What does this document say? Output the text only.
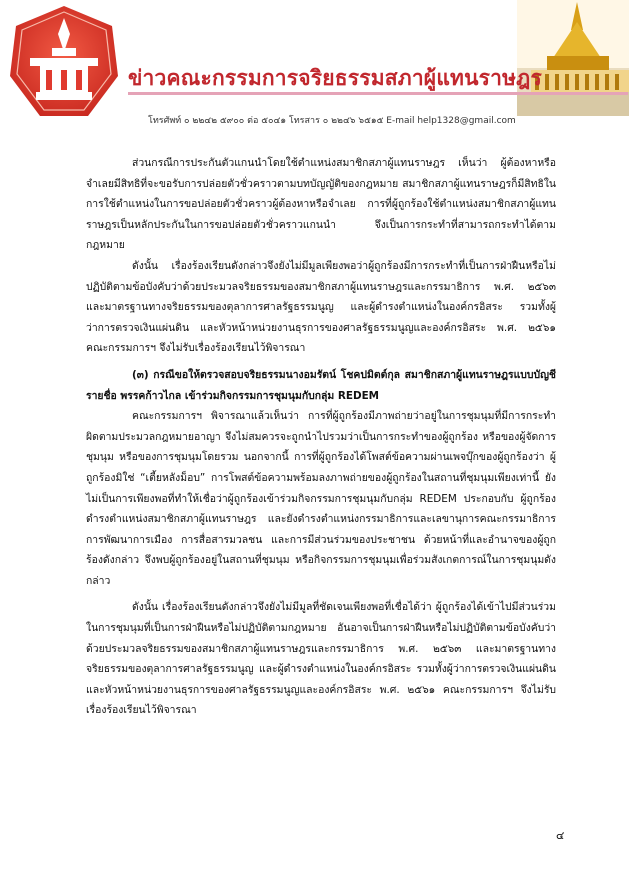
ข่าวคณะกรรมการจริยธรรมสภาผู้แทนราษฎร
โทรศัพท์ ๐ ๒๒๔๒ ๕๙๐๐ ต่อ ๕๐๔๑ โทรสาร ๐ ๒๒๔๖ ๖๕๑๕ E-mail help1328@gmail.com

ส่วนกรณีการประกันตัวแกนนำโดยใช้ตำแหน่งสมาชิกสภาผู้แทนราษฎร เห็นว่า ผู้ต้องหาหรือจำเลยมีสิทธิที่จะขอรับการปล่อยตัวชั่วคราวตามบทบัญญัติของกฎหมาย สมาชิกสภาผู้แทนราษฎรก็มีสิทธิในการใช้ตำแหน่งในการขอปล่อยตัวชั่วคราวผู้ต้องหาหรือจำเลย การที่ผู้ถูกร้องใช้ตำแหน่งสมาชิกสภาผู้แทนราษฎรเป็นหลักประกันในการขอปล่อยตัวชั่วคราวแกนนำ จึงเป็นการกระทำที่สามารถกระทำได้ตามกฎหมาย

ดังนั้น เรื่องร้องเรียนดังกล่าวจึงยังไม่มีมูลเพียงพอว่าผู้ถูกร้องมีการกระทำที่เป็นการฝ่าฝืนหรือไม่ปฏิบัติตามข้อบังคับว่าด้วยประมวลจริยธรรมของสมาชิกสภาผู้แทนราษฎรและกรรมาธิการ พ.ศ. ๒๕๖๓ และมาตรฐานทางจริยธรรมของตุลาการศาลรัฐธรรมนูญ และผู้ดำรงตำแหน่งในองค์กรอิสระ รวมทั้งผู้ว่าการตรวจเงินแผ่นดิน และหัวหน้าหน่วยงานธุรการของศาลรัฐธรรมนูญและองค์กรอิสระ พ.ศ. ๒๕๖๑ คณะกรรมการฯ จึงไม่รับเรื่องร้องเรียนไว้พิจารณา

(๓) กรณีขอให้ตรวจสอบจริยธรรมนางอมรัตน์ โชคปมิตต์กุล สมาชิกสภาผู้แทนราษฎรแบบบัญชีรายชื่อ พรรคก้าวไกล เข้าร่วมกิจกรรมการชุมนุมกับกลุ่ม REDEM

คณะกรรมการฯ พิจารณาแล้วเห็นว่า การที่ผู้ถูกร้องมีภาพถ่ายว่าอยู่ในการชุมนุมที่มีการกระทำผิดตามประมวลกฎหมายอาญา จึงไม่สมควรจะถูกนำไปรวมว่าเป็นการกระทำของผู้ถูกร้อง หรือของผู้จัดการชุมนุม หรือของการชุมนุมโดยรวม นอกจากนี้ การที่ผู้ถูกร้องได้โพสต์ข้อความผ่านเพจบุ๊กของผู้ถูกร้องว่า ผู้ถูกร้องมิใช่ “เตี้ยหลังม็อบ” การโพสต์ข้อความพร้อมลงภาพถ่ายของผู้ถูกร้องในสถานที่ชุมนุมเพียงเท่านี้ ยังไม่เป็นการเพียงพอที่ทำให้เชื่อว่าผู้ถูกร้องเข้าร่วมกิจกรรมการชุมนุมกับกลุ่ม REDEM ประกอบกับ ผู้ถูกร้องดำรงตำแหน่งสมาชิกสภาผู้แทนราษฎร และยังดำรงตำแหน่งกรรมาธิการและเลขานุการคณะกรรมาธิการการพัฒนาการเมือง การสื่อสารมวลชน และการมีส่วนร่วมของประชาชน ด้วยหน้าที่และอำนาจของผู้ถูกร้องดังกล่าว จึงพบผู้ถูกร้องอยู่ในสถานที่ชุมนุม หรือกิจกรรมการชุมนุมเพื่อร่วมสังเกตการณ์ในการชุมนุมดังกล่าว

ดังนั้น เรื่องร้องเรียนดังกล่าวจึงยังไม่มีมูลที่ชัดเจนเพียงพอที่เชื่อได้ว่า ผู้ถูกร้องได้เข้าไปมีส่วนร่วมในการชุมนุมที่เป็นการฝ่าฝืนหรือไม่ปฏิบัติตามกฎหมาย อันอาจเป็นการฝ่าฝืนหรือไม่ปฏิบัติตามข้อบังคับว่าด้วยประมวลจริยธรรมของสมาชิกสภาผู้แทนราษฎรและกรรมาธิการ พ.ศ. ๒๕๖๓ และมาตรฐานทางจริยธรรมของตุลาการศาลรัฐธรรมนูญ และผู้ดำรงตำแหน่งในองค์กรอิสระ รวมทั้งผู้ว่าการตรวจเงินแผ่นดิน และหัวหน้าหน่วยงานธุรการของศาลรัฐธรรมนูญและองค์กรอิสระ พ.ศ. ๒๕๖๑ คณะกรรมการฯ จึงไม่รับเรื่องร้องเรียนไว้พิจารณา

๔
